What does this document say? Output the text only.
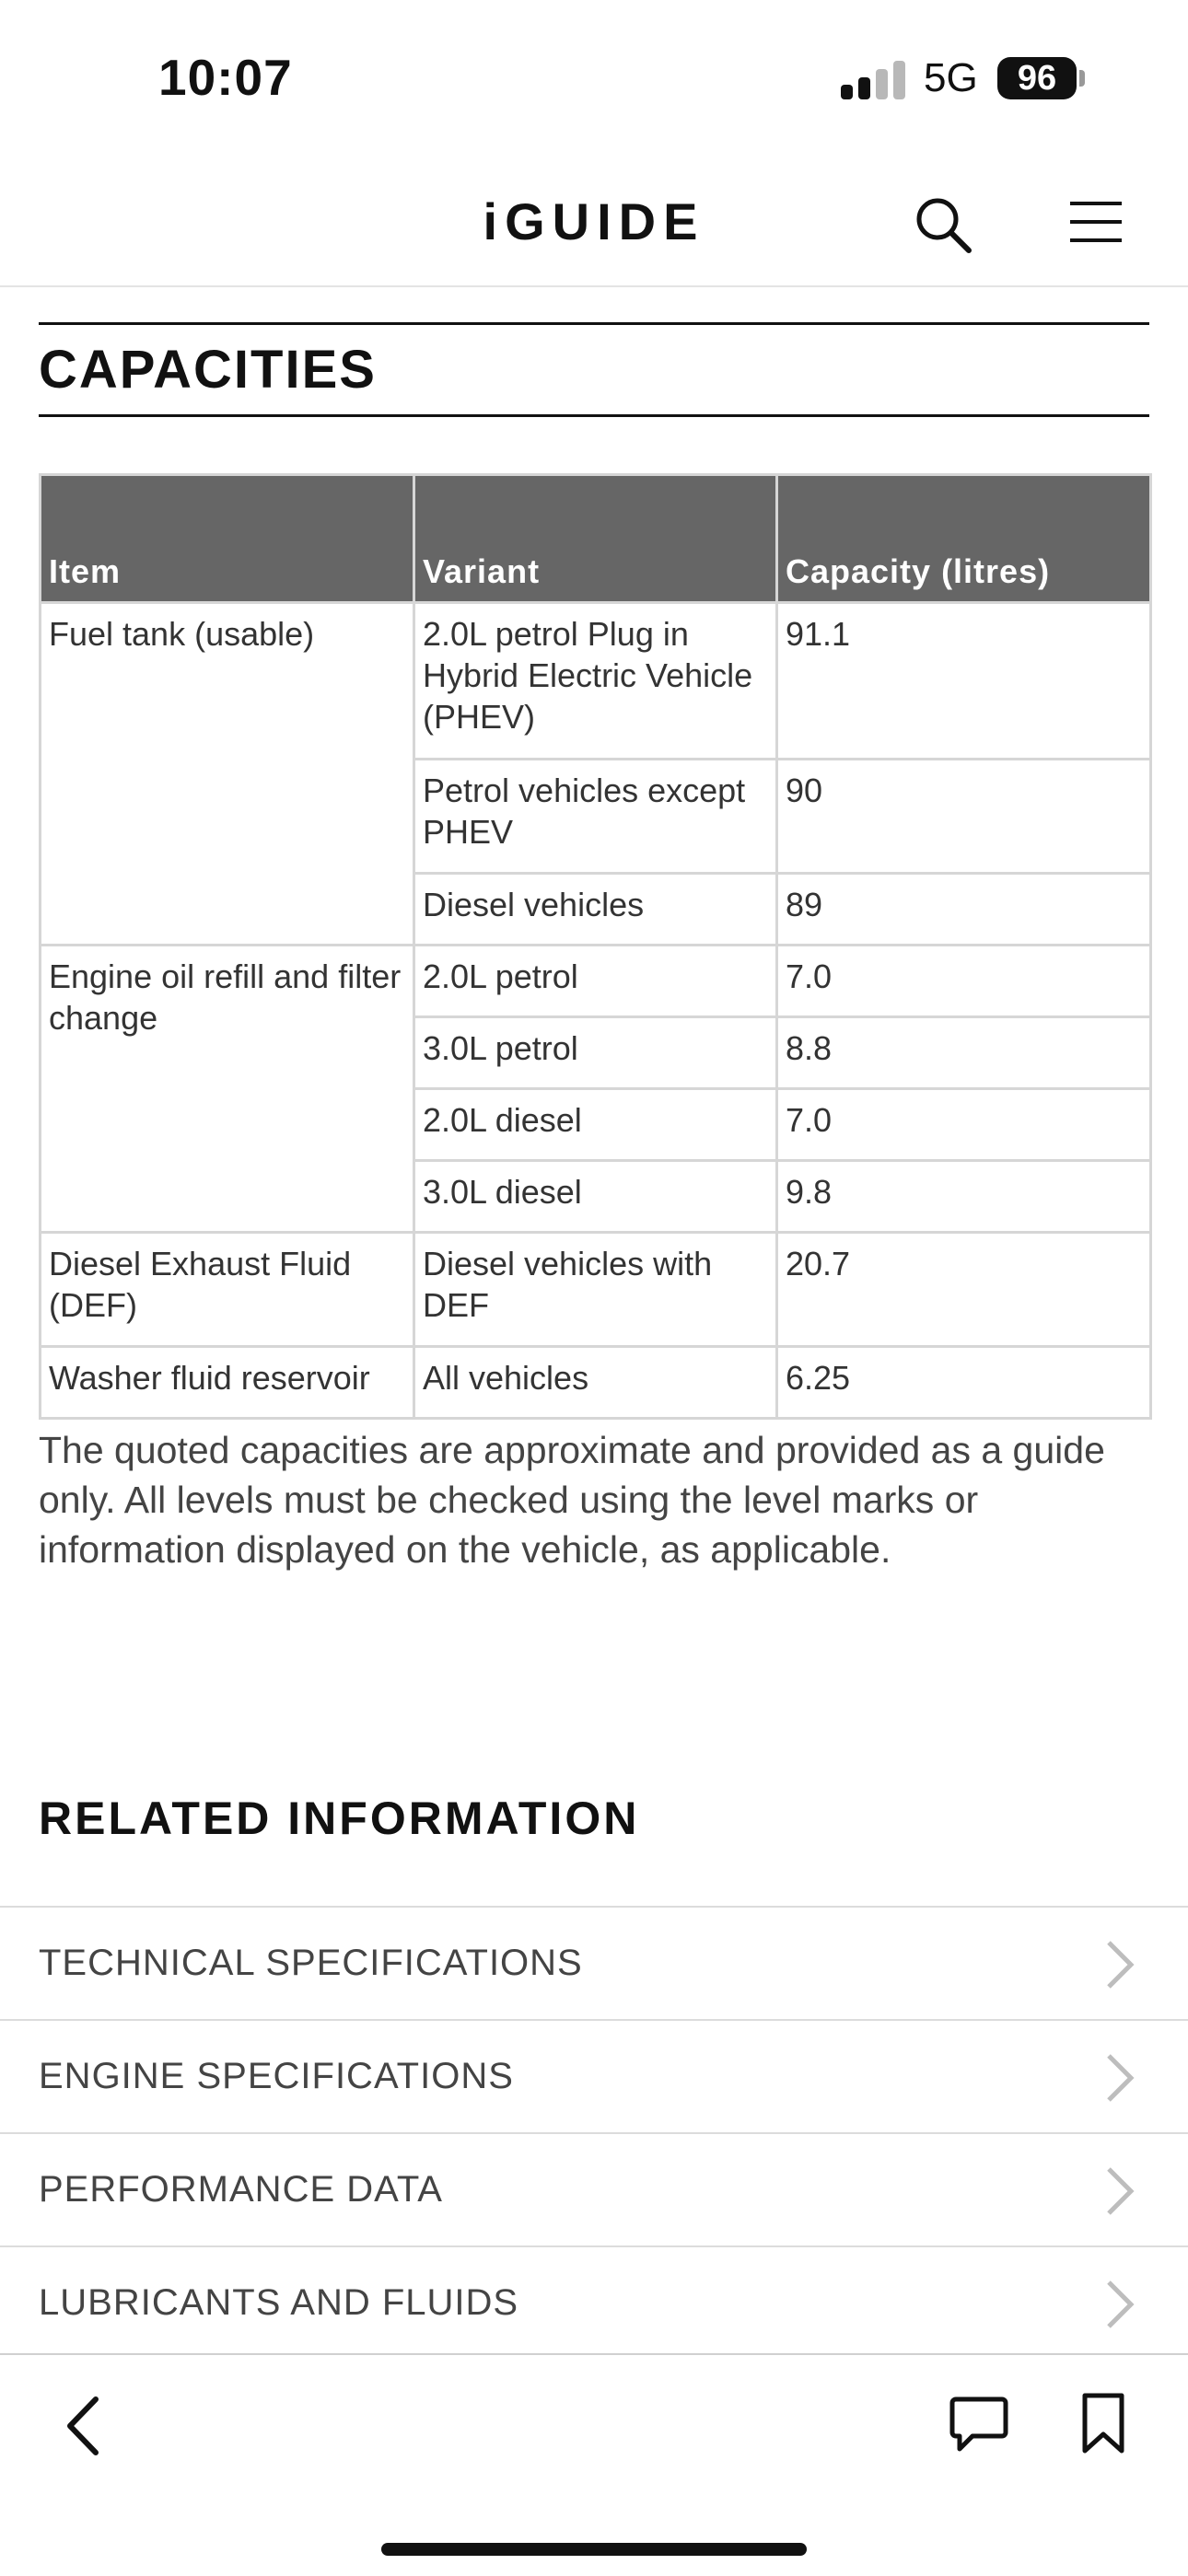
10:07	5G	96
iGUIDE
CAPACITIES
Item	Variant	Capacity (litres)
Fuel tank (usable)	2.0L petrol Plug in Hybrid Electric Vehicle (PHEV)	91.1
	Petrol vehicles except PHEV	90
	Diesel vehicles	89
Engine oil refill and filter change	2.0L petrol	7.0
	3.0L petrol	8.8
	2.0L diesel	7.0
	3.0L diesel	9.8
Diesel Exhaust Fluid (DEF)	Diesel vehicles with DEF	20.7
Washer fluid reservoir	All vehicles	6.25

The quoted capacities are approximate and provided as a guide only. All levels must be checked using the level marks or information displayed on the vehicle, as applicable.

RELATED INFORMATION
TECHNICAL SPECIFICATIONS
ENGINE SPECIFICATIONS
PERFORMANCE DATA
LUBRICANTS AND FLUIDS
